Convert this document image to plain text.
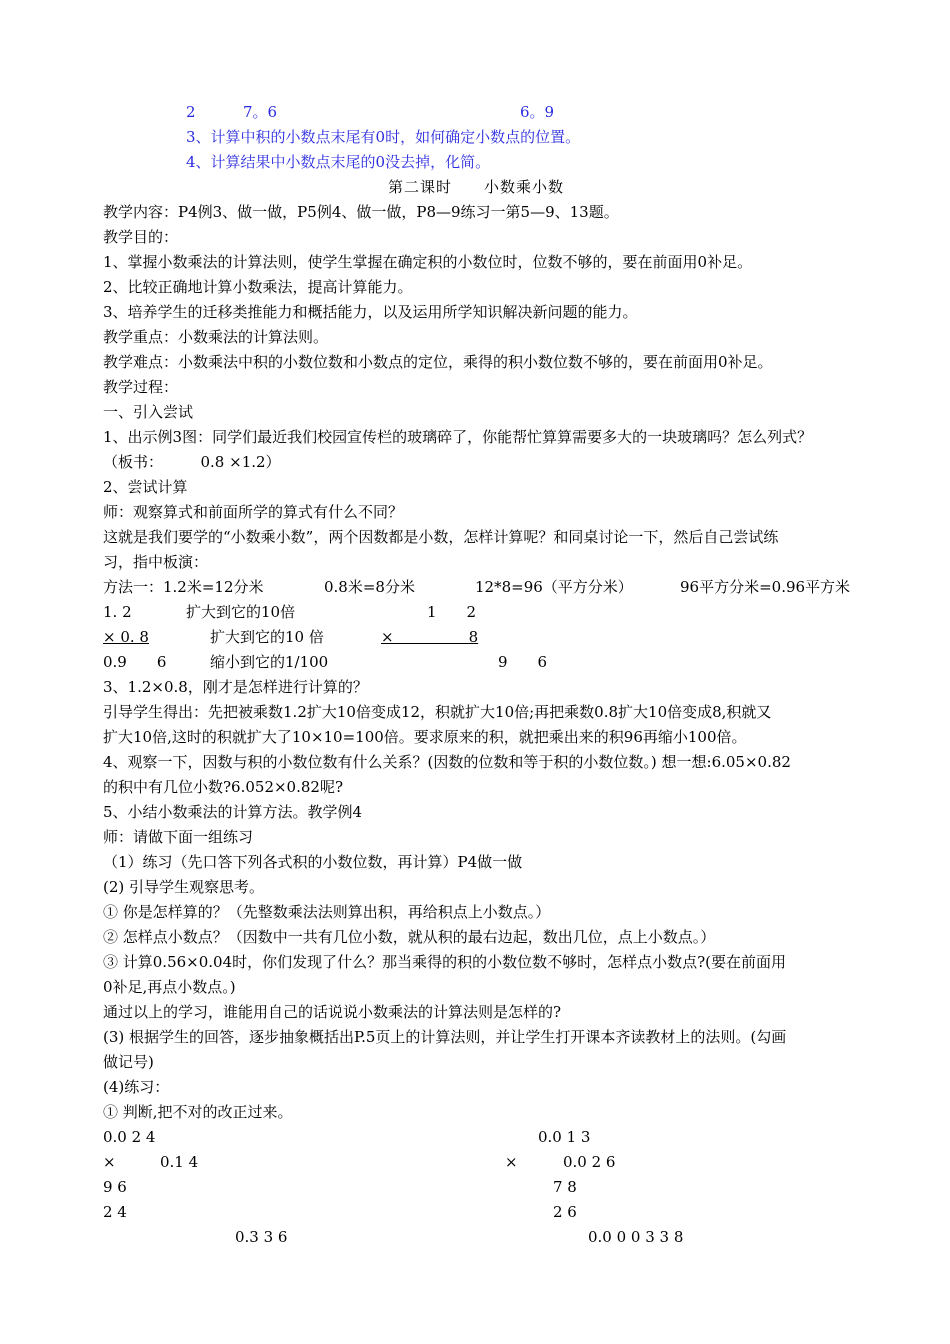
2	7。6	6。9
3、计算中积的小数点末尾有0时，如何确定小数点的位置。
4、计算结果中小数点末尾的0没去掉，化简。
第二课时　　小数乘小数
教学内容：P4例3、做一做，P5例4、做一做，P8—9练习一第5—9、13题。
教学目的：
1、掌握小数乘法的计算法则，使学生掌握在确定积的小数位时，位数不够的，要在前面用0补足。
2、比较正确地计算小数乘法，提高计算能力。
3、培养学生的迁移类推能力和概括能力，以及运用所学知识解决新问题的能力。
教学重点：小数乘法的计算法则。
教学难点：小数乘法中积的小数位数和小数点的定位，乘得的积小数位数不够的，要在前面用0补足。
教学过程：
一、引入尝试
1、出示例3图：同学们最近我们校园宣传栏的玻璃碎了，你能帮忙算算需要多大的一块玻璃吗？怎么列式？
（板书：　　　0.8 ×1.2）
2、尝试计算
师：观察算式和前面所学的算式有什么不同？
这就是我们要学的“小数乘小数”，两个因数都是小数，怎样计算呢？和同桌讨论一下，然后自己尝试练
习，指中板演：
方法一：1.2米=12分米	0.8米=8分米	12*8=96（平方分米）	96平方分米=0.96平方米
1. 2	扩大到它的10倍	1　　2
× 0. 8	扩大到它的10 倍	×　　　　　8
0.9　　6	缩小到它的1/100	9　　6
3、1.2×0.8，刚才是怎样进行计算的？
引导学生得出：先把被乘数1.2扩大10倍变成12，积就扩大10倍;再把乘数0.8扩大10倍变成8,积就又
扩大10倍,这时的积就扩大了10×10=100倍。要求原来的积，就把乘出来的积96再缩小100倍。
4、观察一下，因数与积的小数位数有什么关系？(因数的位数和等于积的小数位数。) 想一想:6.05×0.82
的积中有几位小数?6.052×0.82呢?
5、小结小数乘法的计算方法。教学例4
师：请做下面一组练习
（1）练习（先口答下列各式积的小数位数，再计算）P4做一做
(2) 引导学生观察思考。
① 你是怎样算的？（先整数乘法法则算出积，再给积点上小数点。）
② 怎样点小数点？（因数中一共有几位小数，就从积的最右边起，数出几位，点上小数点。）
③ 计算0.56×0.04时，你们发现了什么？那当乘得的积的小数位数不够时，怎样点小数点?(要在前面用
0补足,再点小数点。)
通过以上的学习，谁能用自己的话说说小数乘法的计算法则是怎样的?
(3) 根据学生的回答，逐步抽象概括出P.5页上的计算法则，并让学生打开课本齐读教材上的法则。(勾画
做记号)
(4)练习：
① 判断,把不对的改正过来。
0.0 2 4
×	0.1 4
9 6
2 4
0.3 3 6
0.0 1 3
×	0.0 2 6
7 8
2 6
0.0 0 0 3 3 8
